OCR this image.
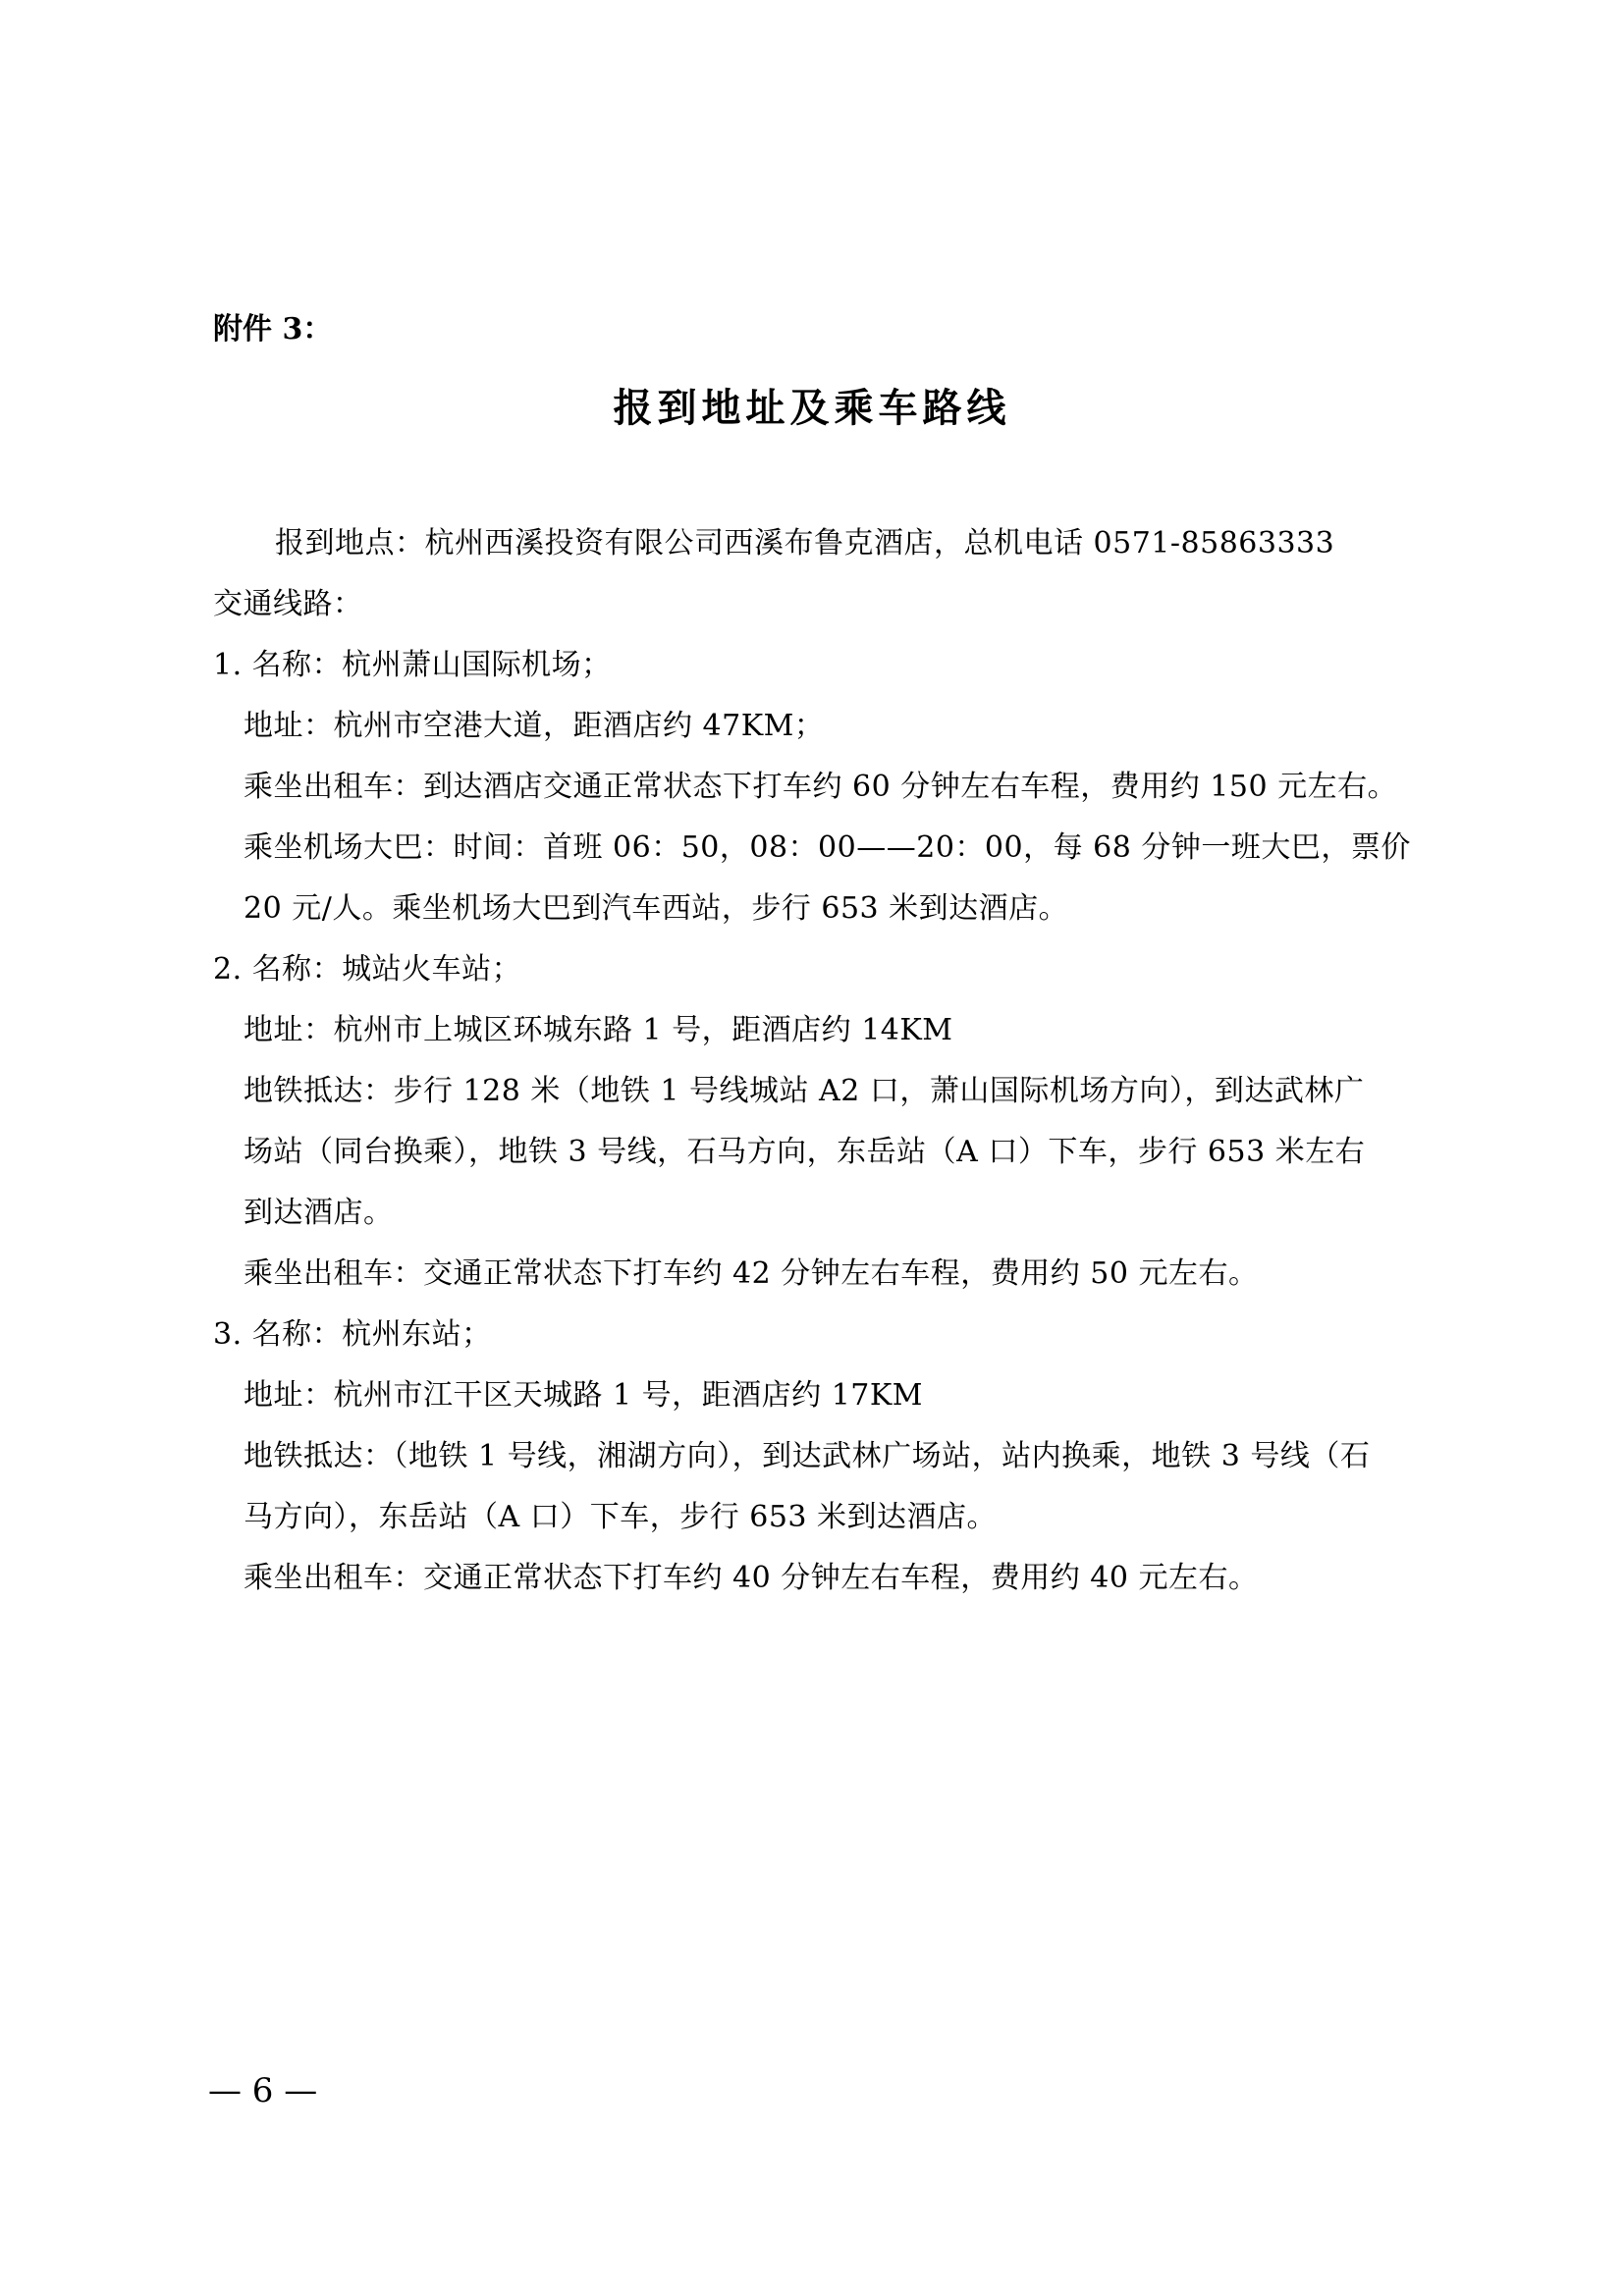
附件 3：
报到地址及乘车路线
报到地点：杭州西溪投资有限公司西溪布鲁克酒店，总机电话 0571-85863333
交通线路：
1. 名称：杭州萧山国际机场；
地址：杭州市空港大道，距酒店约 47KM；
乘坐出租车：到达酒店交通正常状态下打车约 60 分钟左右车程，费用约 150 元左右。
乘坐机场大巴：时间：首班 06：50，08：00——20：00，每 68 分钟一班大巴，票价
20 元/人。乘坐机场大巴到汽车西站，步行 653 米到达酒店。
2. 名称：城站火车站；
地址：杭州市上城区环城东路 1 号，距酒店约 14KM
地铁抵达：步行 128 米（地铁 1 号线城站 A2 口，萧山国际机场方向），到达武林广
场站（同台换乘），地铁 3 号线，石马方向，东岳站（A 口）下车，步行 653 米左右
到达酒店。
乘坐出租车：交通正常状态下打车约 42 分钟左右车程，费用约 50 元左右。
3. 名称：杭州东站；
地址：杭州市江干区天城路 1 号，距酒店约 17KM
地铁抵达：（地铁 1 号线，湘湖方向），到达武林广场站，站内换乘，地铁 3 号线（石
马方向），东岳站（A 口）下车，步行 653 米到达酒店。
乘坐出租车：交通正常状态下打车约 40 分钟左右车程，费用约 40 元左右。
— 6 —
